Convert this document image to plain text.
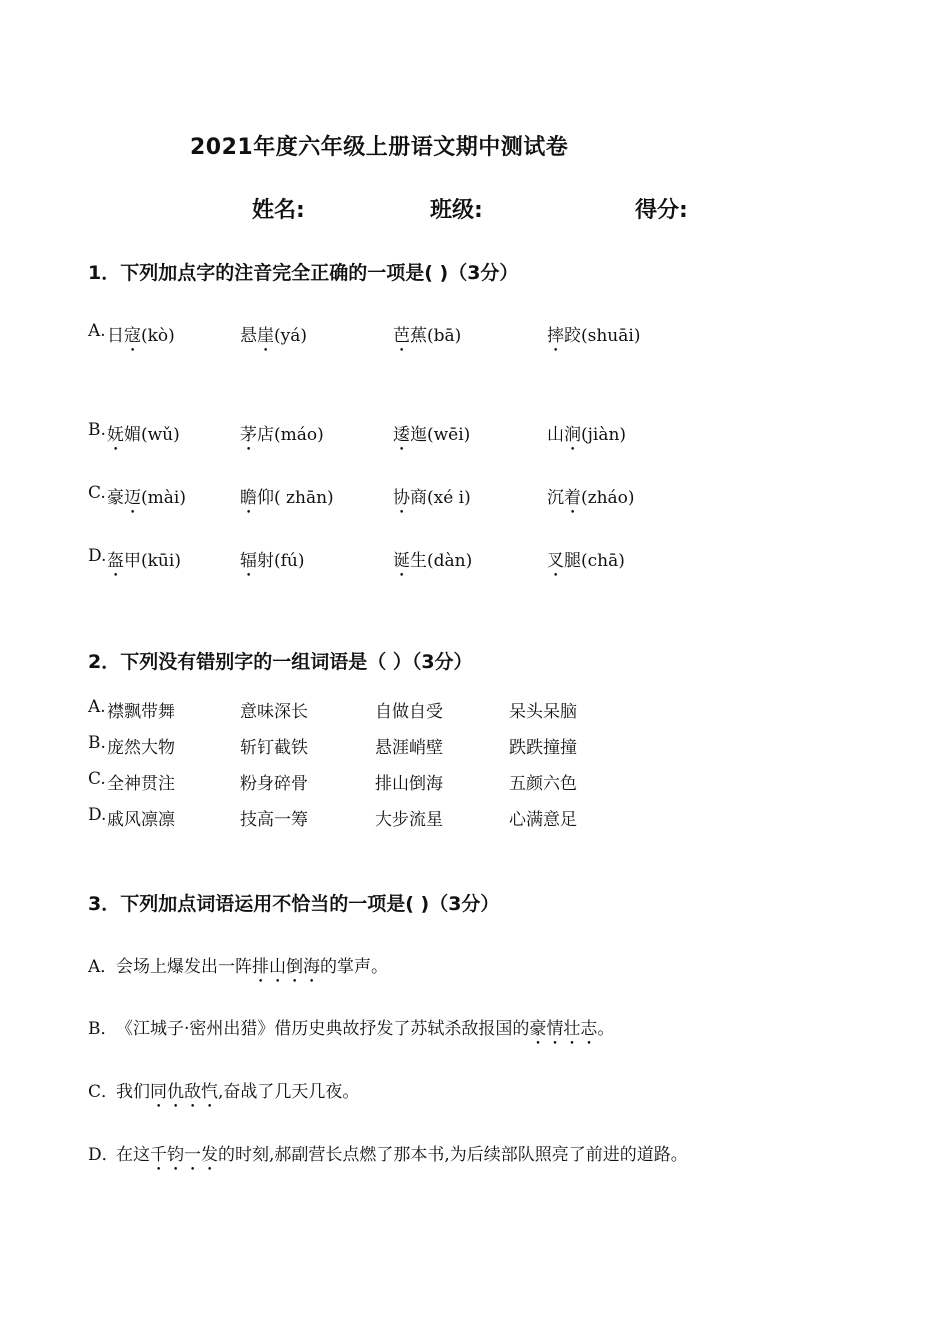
2021年度六年级上册语文期中测试卷
姓名:	班级:	得分:
1．下列加点字的注音完全正确的一项是( )（3分）
A. 日寇(kò)	悬崖(yá)	芭蕉(bā)	摔跤(shuāi)
B. 妩媚(wǔ)	茅店(máo)	逶迤(wēi)	山涧(jiàn)
C. 豪迈(mài)	瞻仰( zhān)	协商(xé i)	沉着(zháo)
D. 盔甲(kūi)	辐射(fú)	诞生(dàn)	叉腿(chā)
2．下列没有错别字的一组词语是（ ）（3分）
A. 襟飘带舞	意味深长	自做自受	呆头呆脑
B. 庞然大物	斩钉截铁	悬涯峭壁	跌跌撞撞
C. 全神贯注	粉身碎骨	排山倒海	五颜六色
D. 戚风凛凛	技高一筹	大步流星	心满意足
3．下列加点词语运用不恰当的一项是( )（3分）
A．会场上爆发出一阵排山倒海的掌声。
B．《江城子·密州出猎》借历史典故抒发了苏轼杀敌报国的豪情壮志。
C．我们同仇敌忾,奋战了几天几夜。
D．在这千钧一发的时刻,郝副营长点燃了那本书,为后续部队照亮了前进的道路。
